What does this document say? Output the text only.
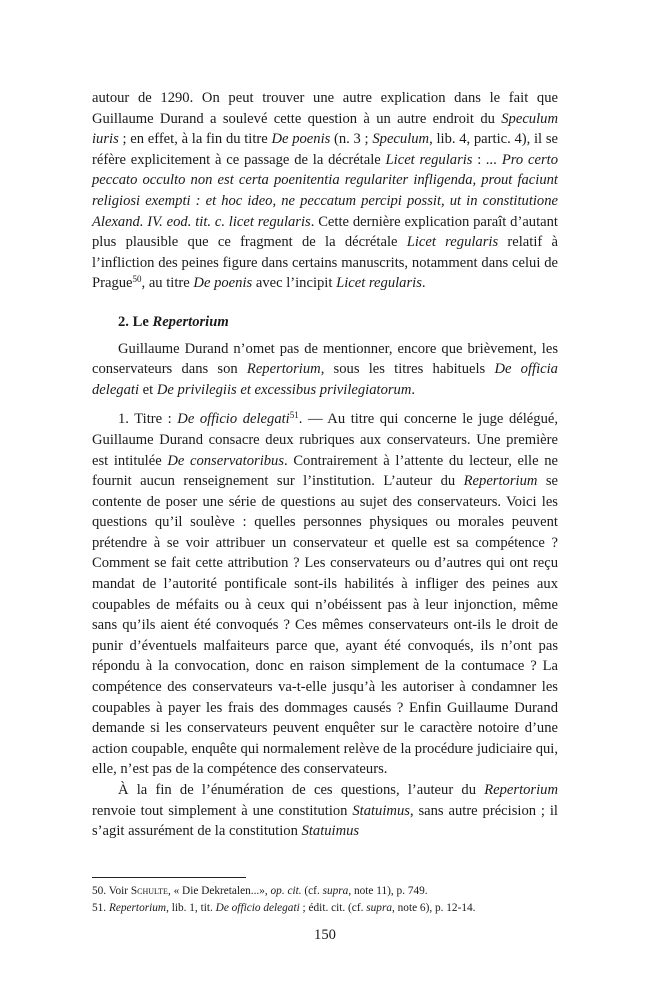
autour de 1290. On peut trouver une autre explication dans le fait que Guillaume Durand a soulevé cette question à un autre endroit du Speculum iuris ; en effet, à la fin du titre De poenis (n. 3 ; Speculum, lib. 4, partic. 4), il se réfère explicitement à ce passage de la décrétale Licet regularis : ... Pro certo peccato occulto non est certa poenitentia regulariter infligenda, prout faciunt religiosi exempti : et hoc ideo, ne peccatum percipi possit, ut in constitutione Alexand. IV. eod. tit. c. licet regularis. Cette dernière explication paraît d’autant plus plausible que ce fragment de la décrétale Licet regularis relatif à l’infliction des peines figure dans certains manuscrits, notamment dans celui de Prague$^{50}$, au titre De poenis avec l’incipit Licet regularis.

2. Le Repertorium

Guillaume Durand n’omet pas de mentionner, encore que brièvement, les conservateurs dans son Repertorium, sous les titres habituels De officia delegati et De privilegiis et excessibus privilegiatorum.

1. Titre : De officio delegati$^{51}$. — Au titre qui concerne le juge délégué, Guillaume Durand consacre deux rubriques aux conservateurs. Une première est intitulée De conservatoribus. Contrairement à l’attente du lecteur, elle ne fournit aucun renseignement sur l’institution. L’auteur du Repertorium se contente de poser une série de questions au sujet des conservateurs. Voici les questions qu’il soulève : quelles personnes physiques ou morales peuvent prétendre à se voir attribuer un conservateur et quelle est sa compétence ? Comment se fait cette attribution ? Les conservateurs ou d’autres qui ont reçu mandat de l’autorité pontificale sont-ils habilités à infliger des peines aux coupables de méfaits ou à ceux qui n’obéissent pas à leur injonction, même sans qu’ils aient été convoqués ? Ces mêmes conservateurs ont-ils le droit de punir d’éventuels malfaiteurs parce que, ayant été convoqués, ils n’ont pas répondu à la convocation, donc en raison simplement de la contumace ? La compétence des conservateurs va-t-elle jusqu’à les autoriser à condamner les coupables à payer les frais des dommages causés ? Enfin Guillaume Durand demande si les conservateurs peuvent enquêter sur le caractère notoire d’une action coupable, enquête qui normalement relève de la procédure judiciaire qui, elle, n’est pas de la compétence des conservateurs.

À la fin de l’énumération de ces questions, l’auteur du Repertorium renvoie tout simplement à une constitution Statuimus, sans autre précision ; il s’agit assurément de la constitution Statuimus

50. Voir Schulte, « Die Dekretalen...», op. cit. (cf. supra, note 11), p. 749.

51. Repertorium, lib. 1, tit. De officio delegati ; édit. cit. (cf. supra, note 6), p. 12-14.

150
